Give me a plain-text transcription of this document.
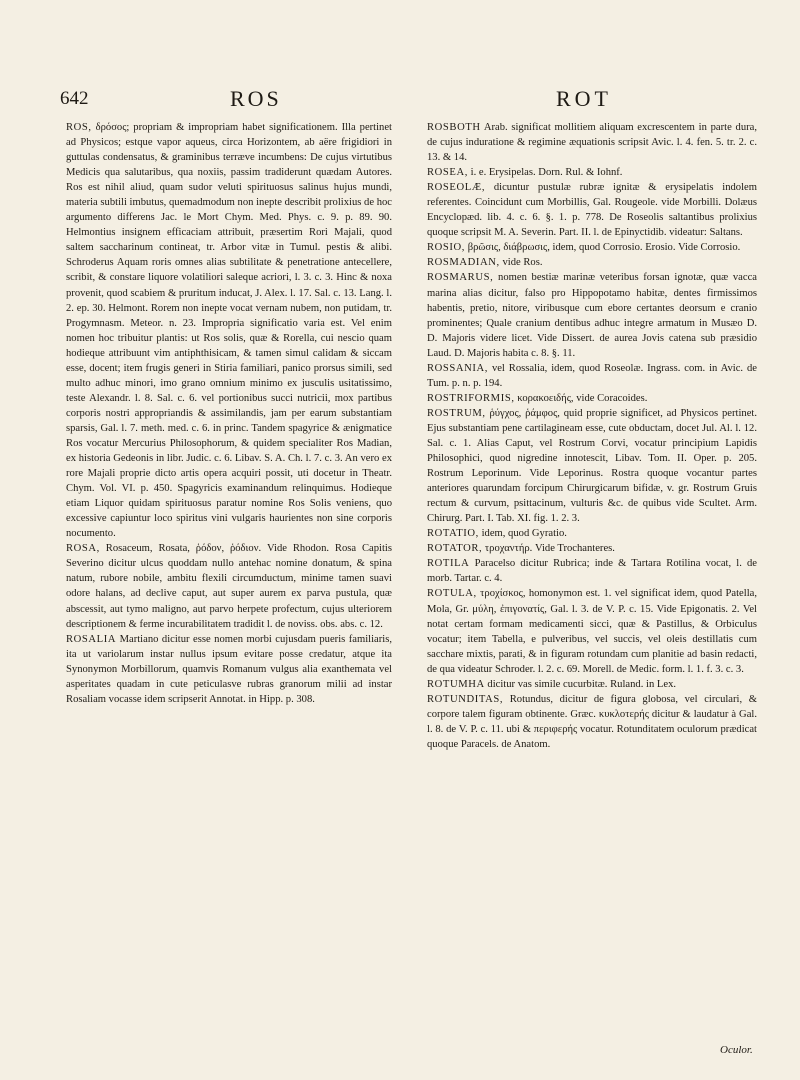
642	ROS	ROT

ROS, δρόσος; propriam & impropriam habet significationem. Illa pertinet ad Physicos; estque vapor aqueus, circa Horizontem, ab aëre frigidiori in guttulas condensatus, & graminibus terræve incumbens: De cujus virtutibus Medicis qua salutaribus, qua noxiis, passim tradiderunt quædam Autores. Ros est nihil aliud, quam sudor veluti spirituosus salinus hujus mundi, materia subtili imbutus, quemadmodum non inepte describit prolixius de hoc argumento differens Jac. le Mort Chym. Med. Phys. c. 9. p. 89. 90. Helmontius insignem efficaciam attribuit, præsertim Rori Majali, quod saltem saccharinum contineat, tr. Arbor vitæ in Tumul. pestis & alibi. Schroderus Aquam roris omnes alias subtilitate & penetratione antecellere, scribit, & constare liquore volatiliori saleque acriori, l. 3. c. 3. Hinc & noxa provenit, quod scabiem & pruritum inducat, J. Alex. l. 17. Sal. c. 13. Lang. l. 2. ep. 30. Helmont. Rorem non inepte vocat vernam nubem, non putidam, tr. Progymnasm. Meteor. n. 23. Impropria significatio varia est. Vel enim nomen hoc tribuitur plantis: ut Ros solis, quæ & Rorella, cui nescio quam hodieque attribuunt vim antiphthisicam, & tamen simul calidam & siccam esse, docent; item frugis generi in Stiria familiari, panico prorsus simili, sed multo adhuc minori, imo grano omnium minimo ex jusculis usitatissimo, teste Alexandr. l. 8. Sal. c. 6. vel portionibus succi nutricii, mox partibus corporis nostri appropriandis & assimilandis, jam per earum substantiam sparsis, Gal. l. 7. meth. med. c. 6. in princ. Tandem spagyrice & ænigmatice Ros vocatur Mercurius Philosophorum, & quidem specialiter Ros Madian, ex historia Gedeonis in libr. Judic. c. 6. Libav. S. A. Ch. l. 7. c. 3. An vero ex rore Majali proprie dicto artis opera acquiri possit, uti docetur in Theatr. Chym. Vol. VI. p. 450. Spagyricis examinandum relinquimus. Hodieque etiam Liquor quidam spirituosus paratur nomine Ros Solis veniens, quo excessive capiuntur loco spiritus vini vulgaris haurientes non sine corporis nocumento.

ROSA, Rosaceum, Rosata, ῥόδον, ῥόδιον. Vide Rhodon. Rosa Capitis Severino dicitur ulcus quoddam nullo antehac nomine donatum, & spina natum, rubore nobile, ambitu flexili circumductum, minime tamen suavi odore halans, ad declive caput, aut super aurem ex parva pustula, quæ abscessit, aut tymo maligno, aut parvo herpete profectum, cujus ulteriorem descriptionem & ferme incurabilitatem tradidit l. de noviss. obs. abs. c. 12.

ROSALIA Martiano dicitur esse nomen morbi cujusdam pueris familiaris, ita ut variolarum instar nullus ipsum evitare posse credatur, atque ita Synonymon Morbillorum, quamvis Romanum vulgus alia exanthemata vel asperitates quadam in cute peticulasve rubras granorum milii ad instar Rosaliam vocasse idem scripserit Annotat. in Hipp. p. 308.

ROSBOTH Arab. significat mollitiem aliquam excrescentem in parte dura, de cujus induratione & regimine æquationis scripsit Avic. l. 4. fen. 5. tr. 2. c. 13. & 14.

ROSEA, i. e. Erysipelas. Dorn. Rul. & Iohnf.

ROSEOLÆ, dicuntur pustulæ rubræ ignitæ & erysipelatis indolem referentes. Coincidunt cum Morbillis, Gal. Rougeole. vide Morbilli. Dolæus Encyclopæd. lib. 4. c. 6. §. 1. p. 778. De Roseolis saltantibus prolixius quoque scripsit M. A. Severin. Part. II. l. de Epinyctidib. videatur: Saltans.

ROSIO, βρῶσις, διάβρωσις, idem, quod Corrosio. Erosio. Vide Corrosio.

ROSMADIAN, vide Ros.

ROSMARUS, nomen bestiæ marinæ veteribus forsan ignotæ, quæ vacca marina alias dicitur, falso pro Hippopotamo habitæ, dentes firmissimos habentis, pretio, nitore, viribusque cum ebore certantes deorsum e cranio prominentes; Quale cranium dentibus adhuc integre armatum in Musæo D. D. Majoris videre licet. Vide Dissert. de aurea Jovis catena sub præsidio Laud. D. Majoris habita c. 8. §. 11.

ROSSANIA, vel Rossalia, idem, quod Roseolæ. Ingrass. com. in Avic. de Tum. p. n. p. 194.

ROSTRIFORMIS, κορακοειδής, vide Coracoides.

ROSTRUM, ῥύγχος, ῥάμφος, quid proprie significet, ad Physicos pertinet. Ejus substantiam pene cartilagineam esse, cute obductam, docet Jul. Al. l. 12. Sal. c. 1. Alias Caput, vel Rostrum Corvi, vocatur principium Lapidis Philosophici, quod nigredine innotescit, Libav. Tom. II. Oper. p. 205. Rostrum Leporinum. Vide Leporinus. Rostra quoque vocantur partes anteriores quarundam forcipum Chirurgicarum bifidæ, v. gr. Rostrum Gruis rectum & curvum, psittacinum, vulturis &c. de quibus vide Scultet. Arm. Chirurg. Part. I. Tab. XI. fig. 1. 2. 3.

ROTATIO, idem, quod Gyratio.

ROTATOR, τροχαντήρ. Vide Trochanteres.

ROTILA Paracelso dicitur Rubrica; inde & Tartara Rotilina vocat, l. de morb. Tartar. c. 4.

ROTULA, τροχίσκος, homonymon est. 1. vel significat idem, quod Patella, Mola, Gr. μύλη, ἐπιγονατίς, Gal. l. 3. de V. P. c. 15. Vide Epigonatis. 2. Vel notat certam formam medicamenti sicci, quæ & Pastillus, & Orbiculus vocatur; item Tabella, e pulveribus, vel succis, vel oleis destillatis cum sacchare mixtis, parati, & in figuram rotundam cum planitie ad basin redacti, de qua videatur Schroder. l. 2. c. 69. Morell. de Medic. form. l. 1. f. 3. c. 3.

ROTUMHA dicitur vas simile cucurbitæ. Ruland. in Lex.

ROTUNDITAS, Rotundus, dicitur de figura globosa, vel circulari, & corpore talem figuram obtinente. Græc. κυκλοτερής dicitur & laudatur à Gal. l. 8. de V. P. c. 11. ubi & περιφερής vocatur. Rotunditatem oculorum prædicat quoque Paracels. de Anatom.

Oculor.
